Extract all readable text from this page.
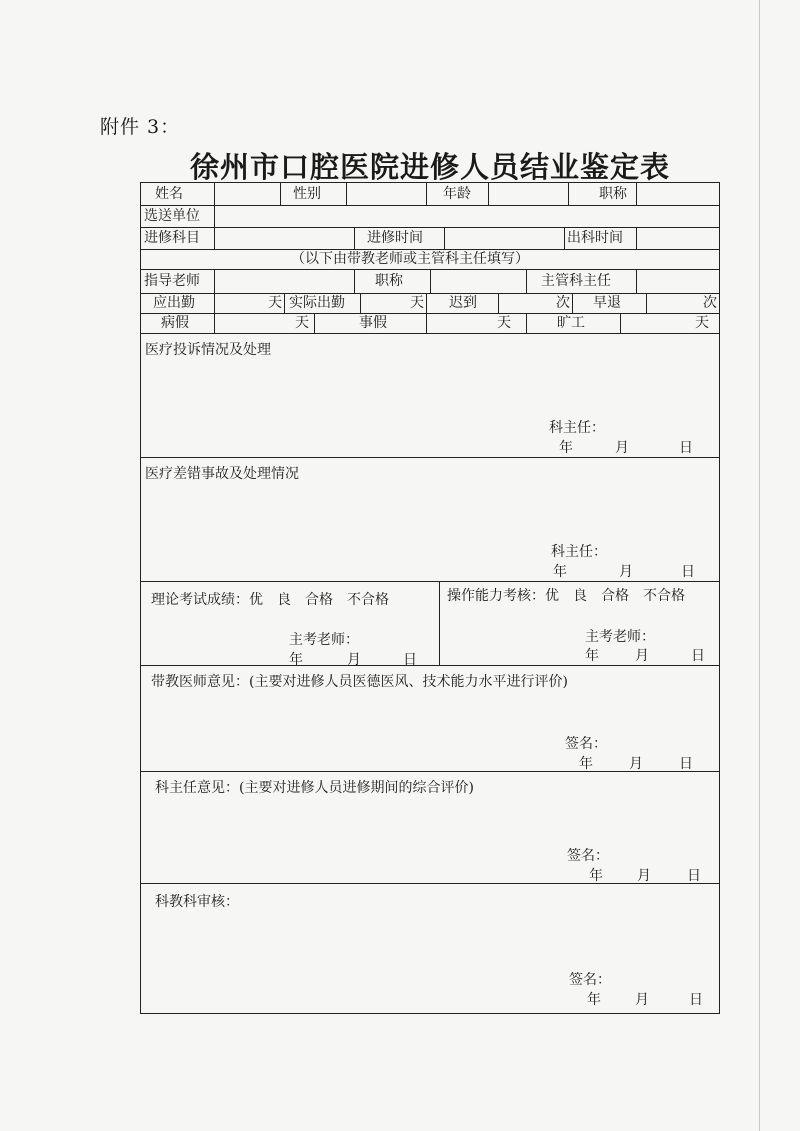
附件 3：
徐州市口腔医院进修人员结业鉴定表
姓名	性别	年龄	职称
选送单位
进修科目	进修时间	出科时间
（以下由带教老师或主管科主任填写）
指导老师	职称	主管科主任
应出勤	天 实际出勤	天 迟到	次 早退	次
病假	天	事假	天	旷工	天
医疗投诉情况及处理
科主任：
年	月	日
医疗差错事故及处理情况
科主任：
年	月	日
理论考试成绩：优　良　合格　不合格
主考老师：
年	月	日
操作能力考核：优　良　合格　不合格
主考老师：
年	月	日
带教医师意见：(主要对进修人员医德医风、技术能力水平进行评价)
签名：
年	月	日
科主任意见：(主要对进修人员进修期间的综合评价)
签名：
年 月	日
科教科审核：
签名：
年 月	日
